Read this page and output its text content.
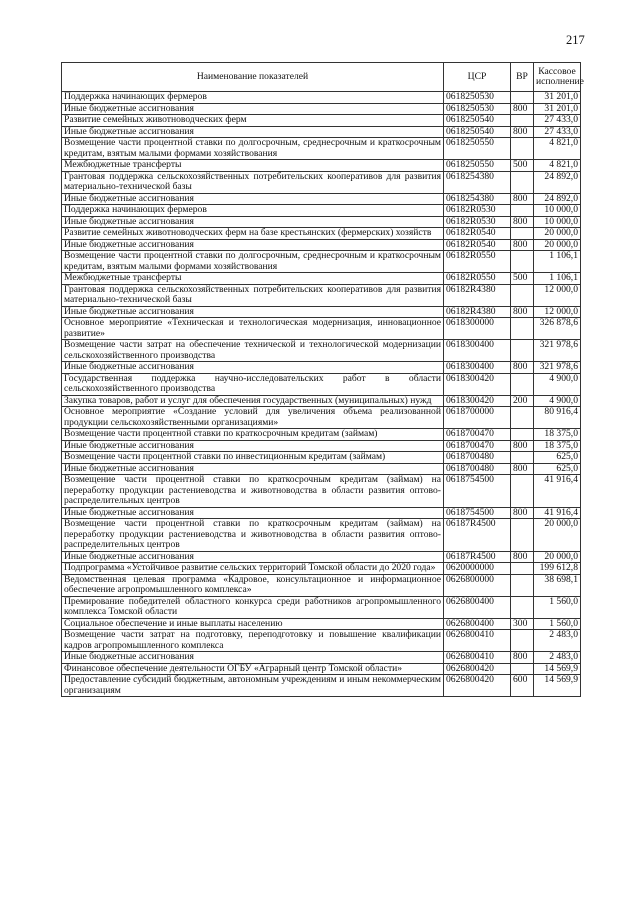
217
Наименование показателей	ЦСР	ВР	Кассовое исполнение
Поддержка начинающих фермеров	0618250530		31 201,0
Иные бюджетные ассигнования	0618250530	800	31 201,0
Развитие семейных животноводческих ферм	0618250540		27 433,0
Иные бюджетные ассигнования	0618250540	800	27 433,0
Возмещение части процентной ставки по долгосрочным, среднесрочным и краткосрочным кредитам, взятым малыми формами хозяйствования	0618250550		4 821,0
Межбюджетные трансферты	0618250550	500	4 821,0
Грантовая поддержка сельскохозяйственных потребительских кооперативов для развития материально-технической базы	0618254380		24 892,0
Иные бюджетные ассигнования	0618254380	800	24 892,0
Поддержка начинающих фермеров	06182R0530		10 000,0
Иные бюджетные ассигнования	06182R0530	800	10 000,0
Развитие семейных животноводческих ферм на базе крестьянских (фермерских) хозяйств	06182R0540		20 000,0
Иные бюджетные ассигнования	06182R0540	800	20 000,0
Возмещение части процентной ставки по долгосрочным, среднесрочным и краткосрочным кредитам, взятым малыми формами хозяйствования	06182R0550		1 106,1
Межбюджетные трансферты	06182R0550	500	1 106,1
Грантовая поддержка сельскохозяйственных потребительских кооперативов для развития материально-технической базы	06182R4380		12 000,0
Иные бюджетные ассигнования	06182R4380	800	12 000,0
Основное мероприятие «Техническая и технологическая модернизация, инновационное развитие»	0618300000		326 878,6
Возмещение части затрат на обеспечение технической и технологической модернизации сельскохозяйственного производства	0618300400		321 978,6
Иные бюджетные ассигнования	0618300400	800	321 978,6
Государственная поддержка научно-исследовательских работ в области сельскохозяйственного производства	0618300420		4 900,0
Закупка товаров, работ и услуг для обеспечения государственных (муниципальных) нужд	0618300420	200	4 900,0
Основное мероприятие «Создание условий для увеличения объема реализованной продукции сельскохозяйственными организациями»	0618700000		80 916,4
Возмещение части процентной ставки по краткосрочным кредитам (займам)	0618700470		18 375,0
Иные бюджетные ассигнования	0618700470	800	18 375,0
Возмещение части процентной ставки по инвестиционным кредитам (займам)	0618700480		625,0
Иные бюджетные ассигнования	0618700480	800	625,0
Возмещение части процентной ставки по краткосрочным кредитам (займам) на переработку продукции растениеводства и животноводства в области развития оптово-распределительных центров	0618754500		41 916,4
Иные бюджетные ассигнования	0618754500	800	41 916,4
Возмещение части процентной ставки по краткосрочным кредитам (займам) на переработку продукции растениеводства и животноводства в области развития оптово-распределительных центров	06187R4500		20 000,0
Иные бюджетные ассигнования	06187R4500	800	20 000,0
Подпрограмма «Устойчивое развитие сельских территорий Томской области до 2020 года»	0620000000		199 612,8
Ведомственная целевая программа «Кадровое, консультационное и информационное обеспечение агропромышленного комплекса»	0626800000		38 698,1
Премирование победителей областного конкурса среди работников агропромышленного комплекса Томской области	0626800400		1 560,0
Социальное обеспечение и иные выплаты населению	0626800400	300	1 560,0
Возмещение части затрат на подготовку, переподготовку и повышение квалификации кадров агропромышленного комплекса	0626800410		2 483,0
Иные бюджетные ассигнования	0626800410	800	2 483,0
Финансовое обеспечение деятельности ОГБУ «Аграрный центр Томской области»	0626800420		14 569,9
Предоставление субсидий бюджетным, автономным учреждениям и иным некоммерческим организациям	0626800420	600	14 569,9
